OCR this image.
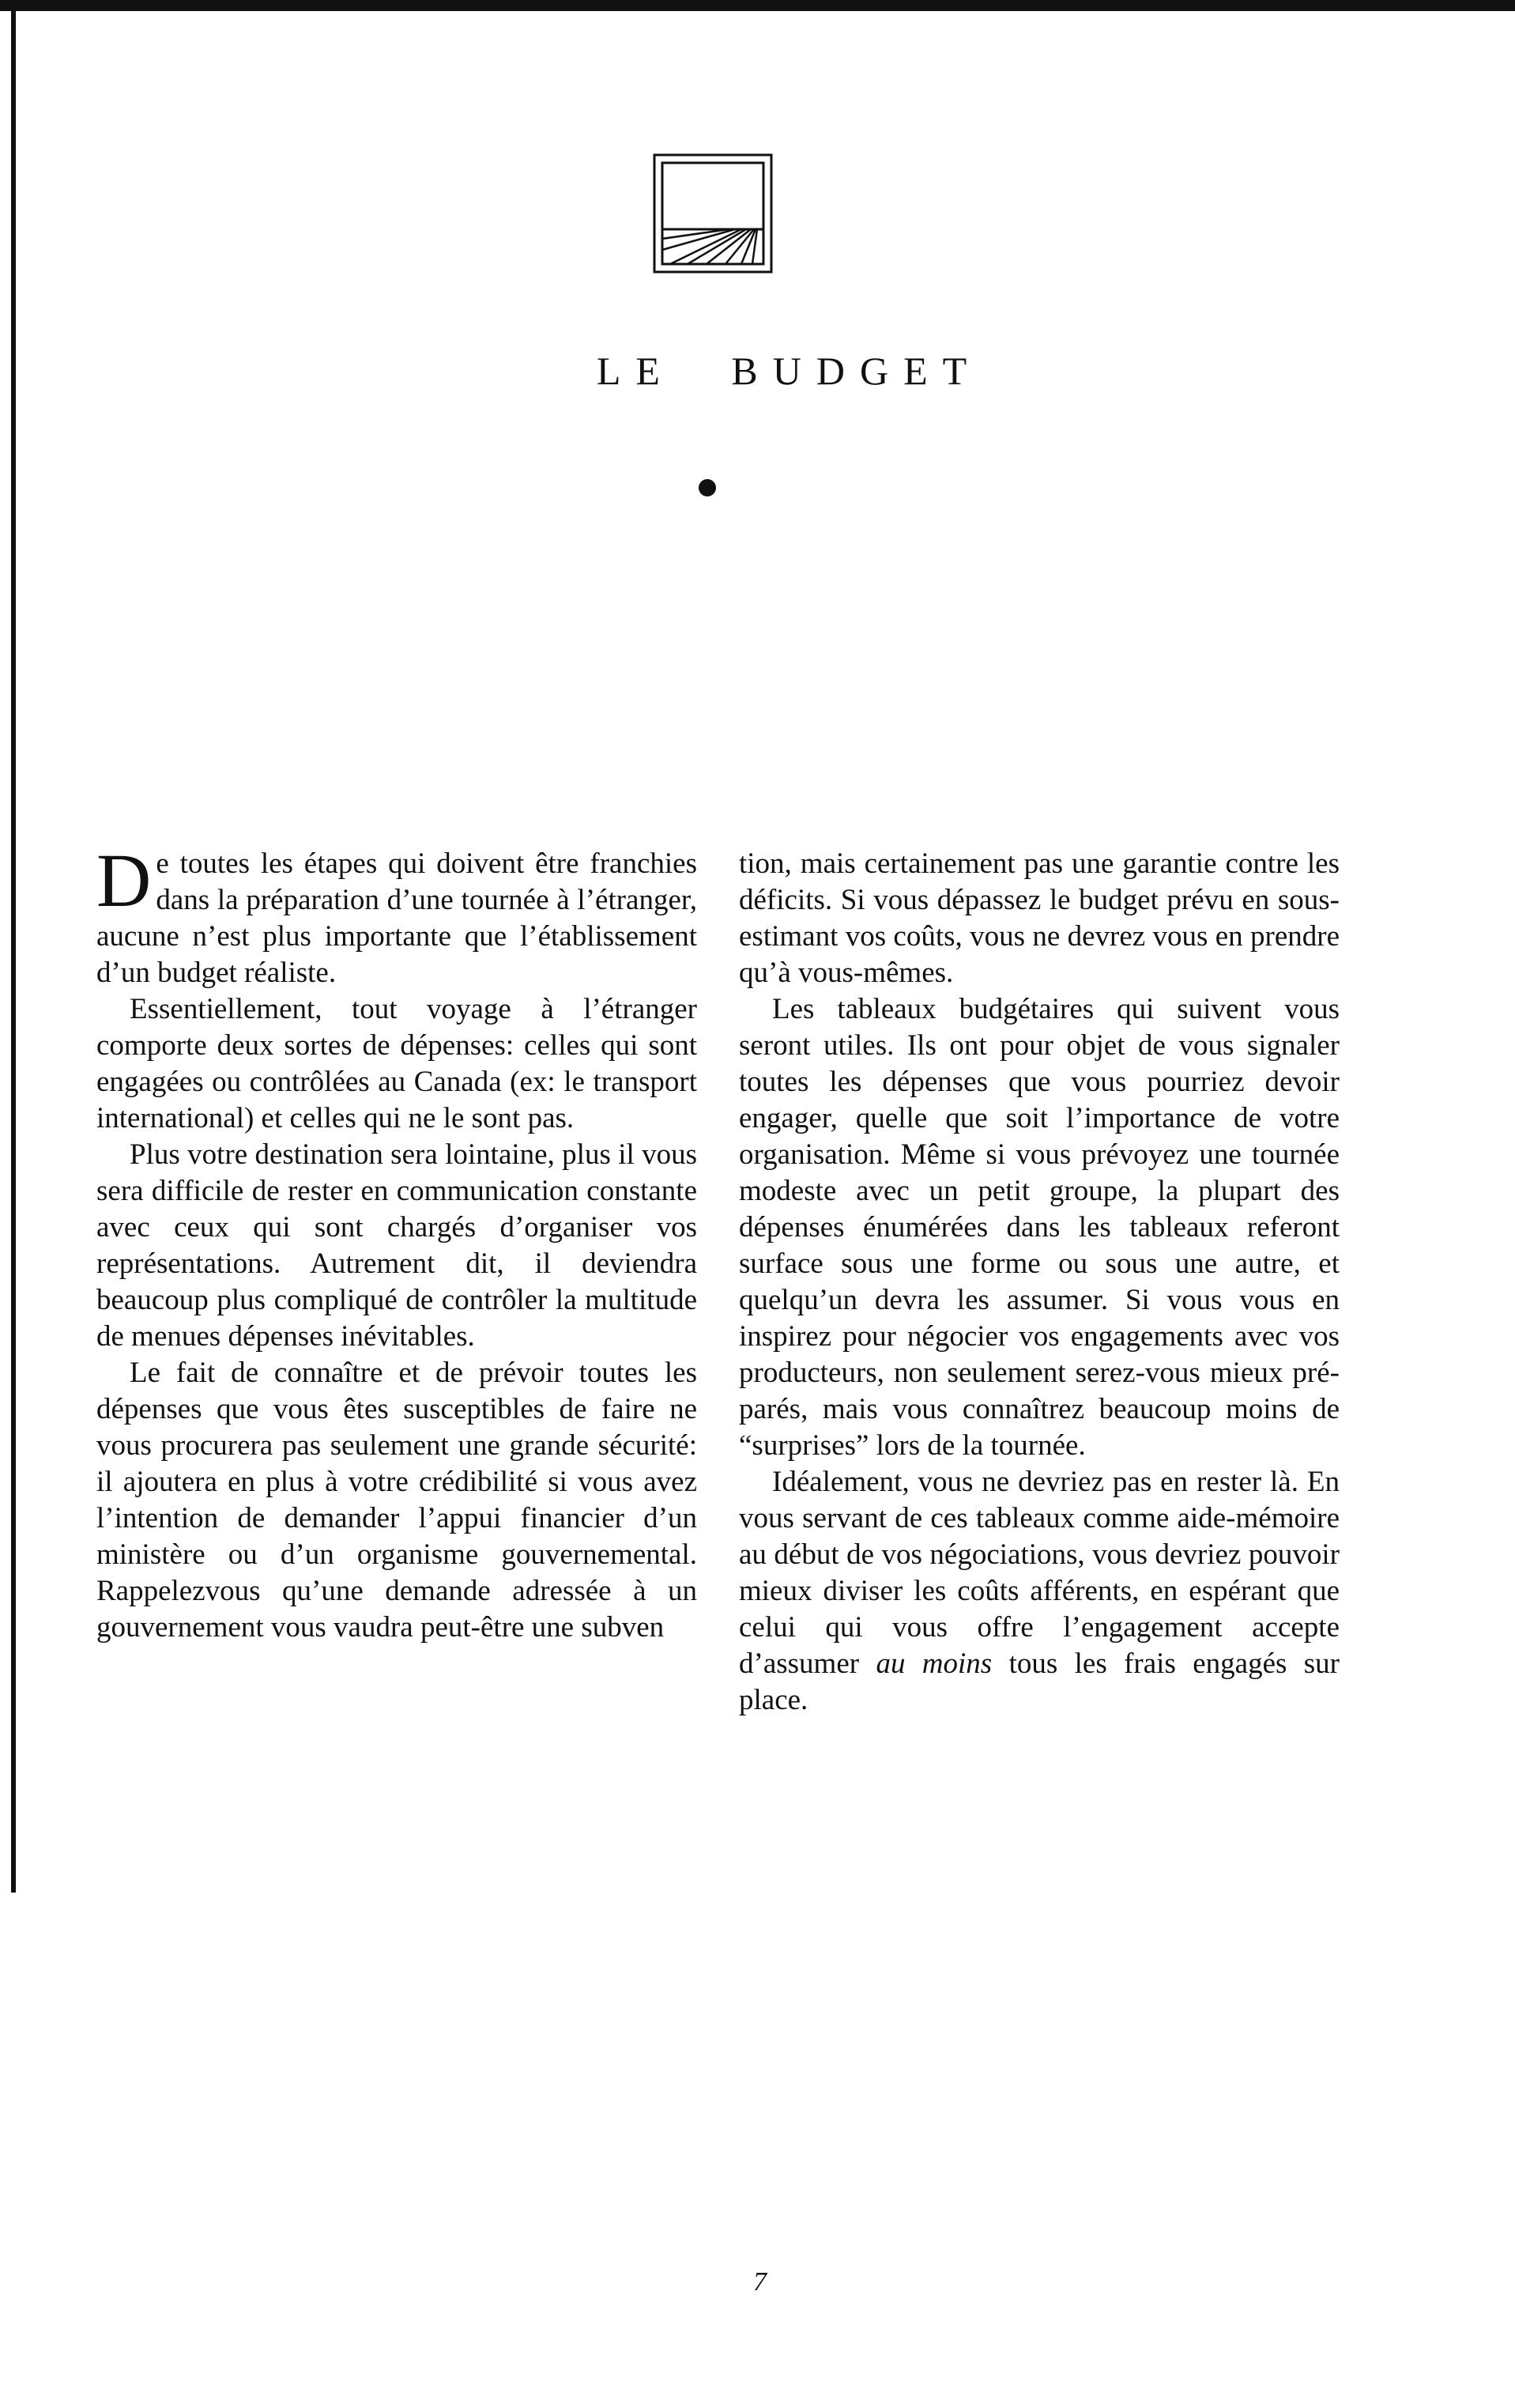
LE BUDGET

De toutes les étapes qui doivent être franchies dans la préparation d’une tournée à l’étranger, aucune n’est plus importante que l’établissement d’un budget réaliste.

Essentiellement, tout voyage à l’étranger comporte deux sortes de dépenses: celles qui sont engagées ou contrôlées au Canada (ex: le transport international) et celles qui ne le sont pas.

Plus votre destination sera lointaine, plus il vous sera difficile de rester en communication constante avec ceux qui sont chargés d’organiser vos représentations. Autrement dit, il deviendra beaucoup plus compliqué de contrôler la multitude de menues dépenses inévitables.

Le fait de connaître et de prévoir toutes les dépenses que vous êtes susceptibles de faire ne vous procurera pas seulement une grande sécurité: il ajoutera en plus à votre crédibilité si vous avez l’intention de demander l’appui financier d’un ministère ou d’un organisme gouvernemental. Rappelezvous qu’une demande adressée à un gouvernement vous vaudra peut-être une subven

tion, mais certainement pas une garantie contre les déficits. Si vous dépassez le budget prévu en sous-estimant vos coûts, vous ne devrez vous en prendre qu’à vous-mêmes.

Les tableaux budgétaires qui suivent vous seront utiles. Ils ont pour objet de vous signaler toutes les dépenses que vous pourriez devoir engager, quelle que soit l’importance de votre organisation. Même si vous prévoyez une tournée modeste avec un petit groupe, la plupart des dépenses énumérées dans les tableaux referont surface sous une forme ou sous une autre, et quelqu’un devra les assumer. Si vous vous en inspirez pour négocier vos engagements avec vos producteurs, non seulement serez-vous mieux préparés, mais vous connaîtrez beaucoup moins de “surprises” lors de la tournée.

Idéalement, vous ne devriez pas en rester là. En vous servant de ces tableaux comme aide-mémoire au début de vos négociations, vous devriez pouvoir mieux diviser les coûts afférents, en espérant que celui qui vous offre l’engagement accepte d’assumer au moins tous les frais engagés sur place.

7
